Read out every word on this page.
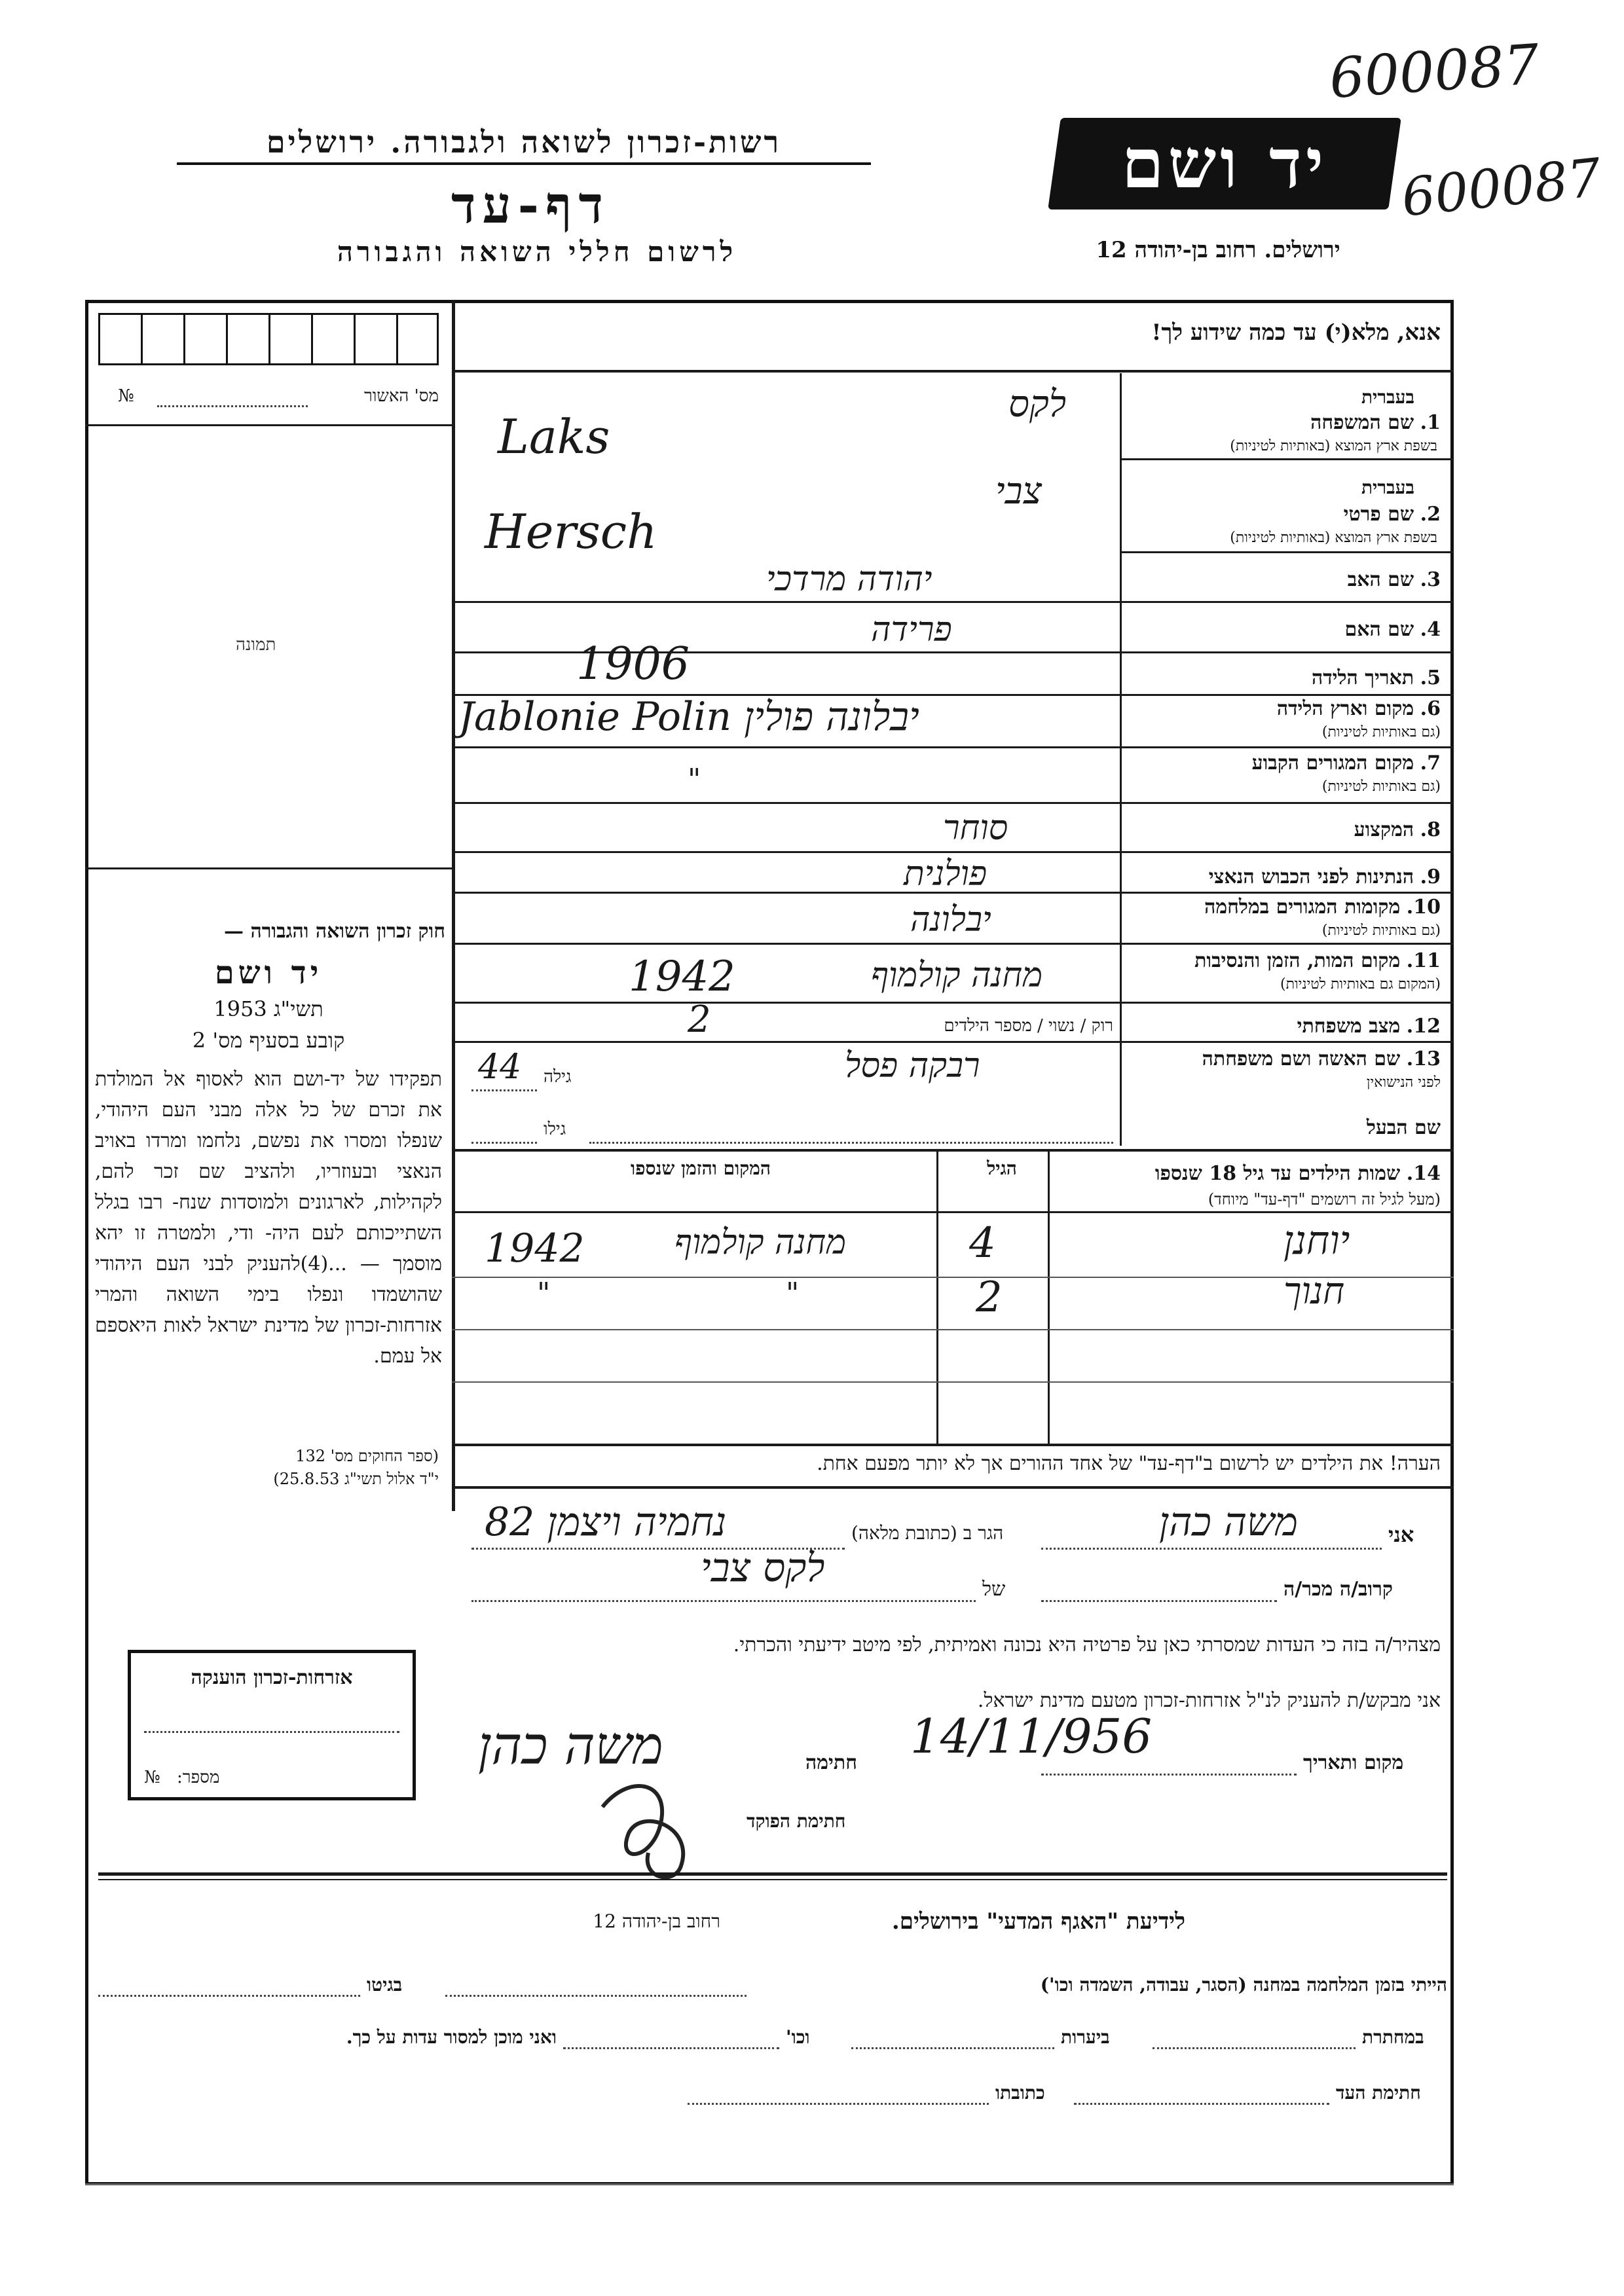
600087
600087
רשות-זכרון לשואה ולגבורה. ירושלים
דף-עד
לרשום חללי השואה והגבורה
יד ושם
ירושלים. רחוב בן-יהודה 12
אנא, מלא(י) עד כמה שידוע לך!
מס' האשור
№
תמונה
בעברית
1. שם המשפחה
בשפת ארץ המוצא (באותיות לטיניות)
בעברית
2. שם פרטי
בשפת ארץ המוצא (באותיות לטיניות)
3. שם האב
4. שם האם
5. תאריך הלידה
6. מקום וארץ הלידה
(גם באותיות לטיניות)
7. מקום המגורים הקבוע
(גם באותיות לטיניות)
8. המקצוע
9. הנתינות לפני הכבוש הנאצי
10. מקומות המגורים במלחמה
(גם באותיות לטיניות)
11. מקום המות, הזמן והנסיבות
(המקום גם באותיות לטיניות)
12. מצב משפחתי
רוק / נשוי / מספר הילדים
13. שם האשה ושם משפחתה
לפני הנישואין
גילה
שם הבעל
גילו
לקס
Laks
צבי
Hersch
יהודה מרדכי
פרידה
1906
Jablonie Polin יבלונה פולין
"
סוחר
פולנית
יבלונה
1942	מחנה קולמוף
2
רבקה פסל
44
14. שמות הילדים עד גיל 18 שנספו
(מעל לגיל זה רושמים "דף-עד" מיוחד)
הגיל
המקום והזמן שנספו
יוחנן
4
מחנה קולמוף
1942
חנוך
2
"
"
הערה! את הילדים יש לרשום ב"דף-עד" של אחד ההורים אך לא יותר מפעם אחת.
חוק זכרון השואה והגבורה —
יד ושם
תשי"ג 1953
קובע בסעיף מס' 2
תפקידו של יד-ושם הוא לאסוף אל המולדת את זכרם של כל אלה מבני העם היהודי, שנפלו ומסרו את נפשם, נלחמו ומרדו באויב הנאצי ובעוזריו, ולהציב שם זכר להם, לקהילות, לארגונים ולמוסדות שנח- רבו בגלל השתייכותם לעם היה- ודי, ולמטרה זו יהא מוסמך — ...(4)להעניק לבני העם היהודי שהושמדו ונפלו בימי השואה והמרי אזרחות-זכרון של מדינת ישראל לאות היאספם אל עמם.
(ספר החוקים מס' 132
י"ד אלול תשי"ג 25.8.53)
אני
משה כהן
הגר ב (כתובת מלאה)
נחמיה ויצמן 82
קרוב/ה מכר/ה
של
לקס צבי
מצהיר/ה בזה כי העדות שמסרתי כאן על פרטיה היא נכונה ואמיתית, לפי מיטב ידיעתי והכרתי.
אני מבקש/ת להעניק לנ"ל אזרחות-זכרון מטעם מדינת ישראל.
מקום ותאריך
14/11/956
חתימה
משה כהן
חתימת הפוקד
אזרחות-זכרון הוענקה
מספר:
№
לידיעת "האגף המדעי" בירושלים.
רחוב בן-יהודה 12
הייתי בזמן המלחמה במחנה (הסגר, עבודה, השמדה וכו')
בגיטו
במחתרת
ביערות
וכו'
ואני מוכן למסור עדות על כך.
חתימת העד
כתובתו
